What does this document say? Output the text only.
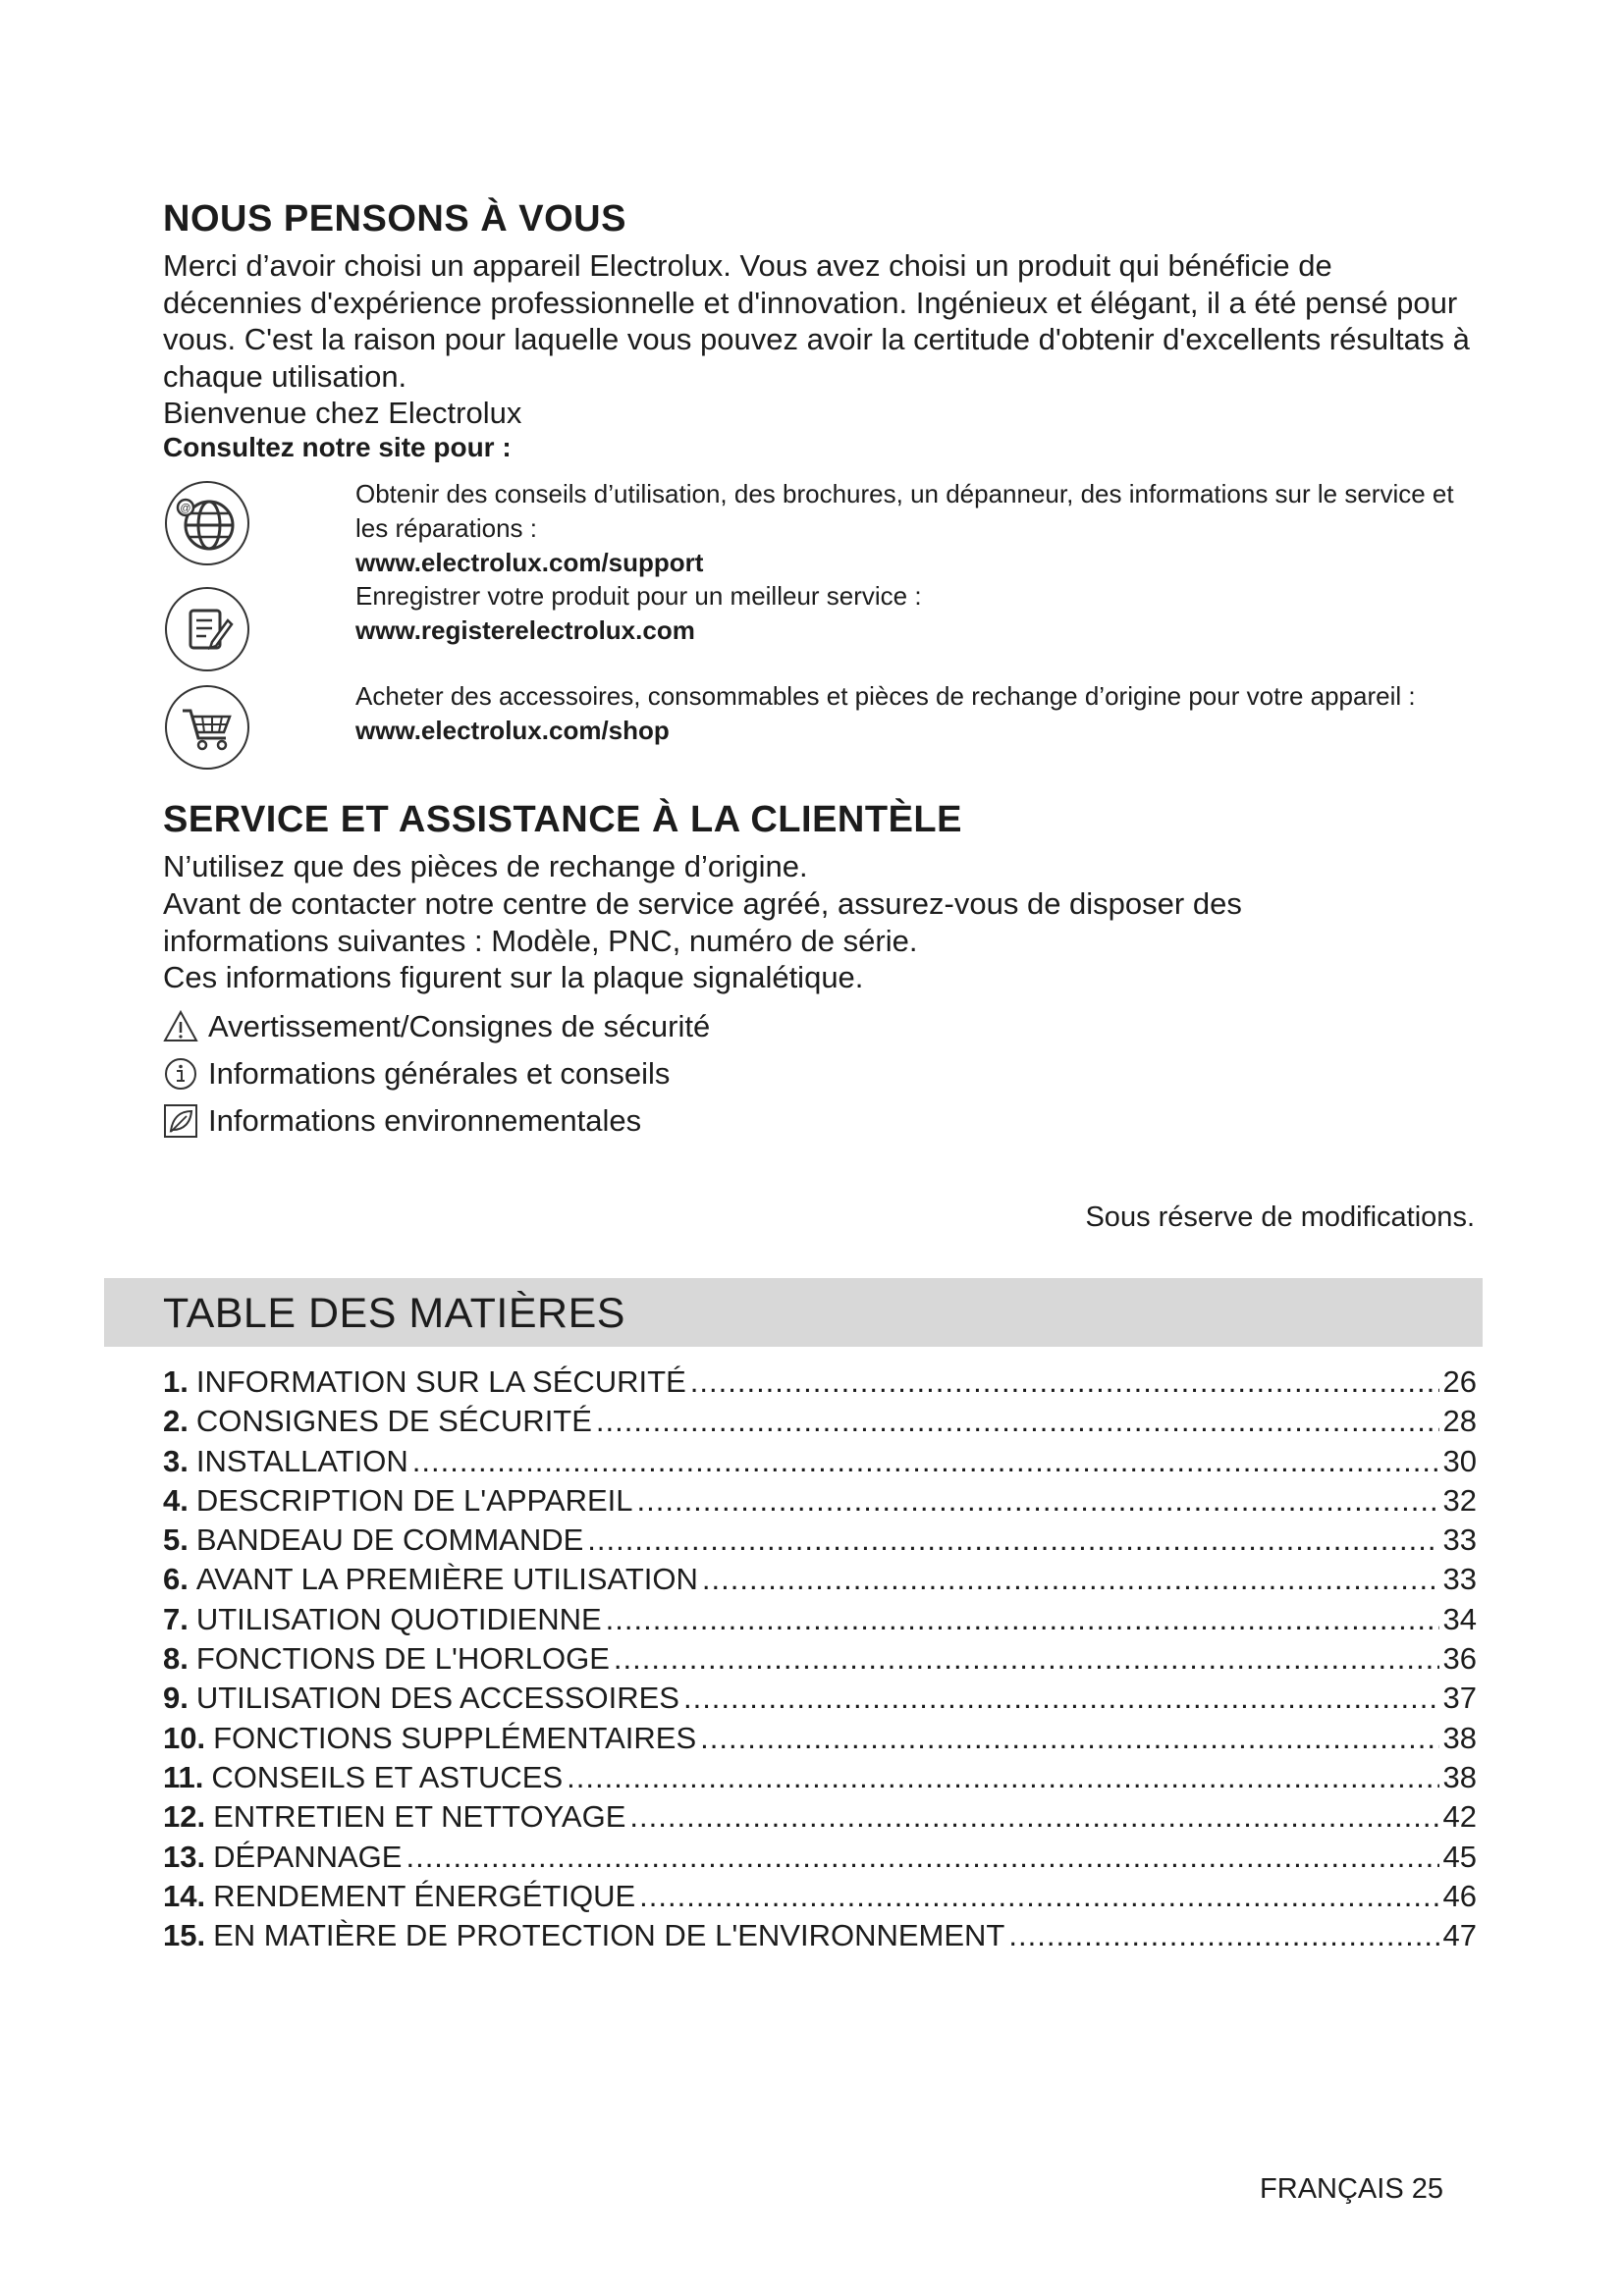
NOUS PENSONS À VOUS

Merci d’avoir choisi un appareil Electrolux. Vous avez choisi un produit qui bénéficie de décennies d'expérience professionnelle et d'innovation. Ingénieux et élégant, il a été pensé pour vous. C'est la raison pour laquelle vous pouvez avoir la certitude d'obtenir d'excellents résultats à chaque utilisation.

Bienvenue chez Electrolux

Consultez notre site pour :

@	Obtenir des conseils d’utilisation, des brochures, un dépanneur, des informations sur le service et les réparations :
www.electrolux.com/support
Enregistrer votre produit pour un meilleur service :
www.registerelectrolux.com
Acheter des accessoires, consommables et pièces de rechange d’origine pour votre appareil :
www.electrolux.com/shop
SERVICE ET ASSISTANCE À LA CLIENTÈLE

N’utilisez que des pièces de rechange d’origine.

Avant de contacter notre centre de service agréé, assurez-vous de disposer des informations suivantes : Modèle, PNC, numéro de série.

Ces informations figurent sur la plaque signalétique.

Avertissement/Consignes de sécurité
Informations générales et conseils
Informations environnementales
Sous réserve de modifications.
TABLE DES MATIÈRES
1. INFORMATION SUR LA SÉCURITÉ .....	26
2. CONSIGNES DE SÉCURITÉ .....	28
3. INSTALLATION .....	30
4. DESCRIPTION DE L'APPAREIL .....	32
5. BANDEAU DE COMMANDE .....	33
6. AVANT LA PREMIÈRE UTILISATION .....	33
7. UTILISATION QUOTIDIENNE .....	34
8. FONCTIONS DE L'HORLOGE .....	36
9. UTILISATION DES ACCESSOIRES .....	37
10. FONCTIONS SUPPLÉMENTAIRES .....	38
11. CONSEILS ET ASTUCES .....	38
12. ENTRETIEN ET NETTOYAGE .....	42
13. DÉPANNAGE .....	45
14. RENDEMENT ÉNERGÉTIQUE .....	46
15. EN MATIÈRE DE PROTECTION DE L'ENVIRONNEMENT .....	47
FRANÇAIS 25
